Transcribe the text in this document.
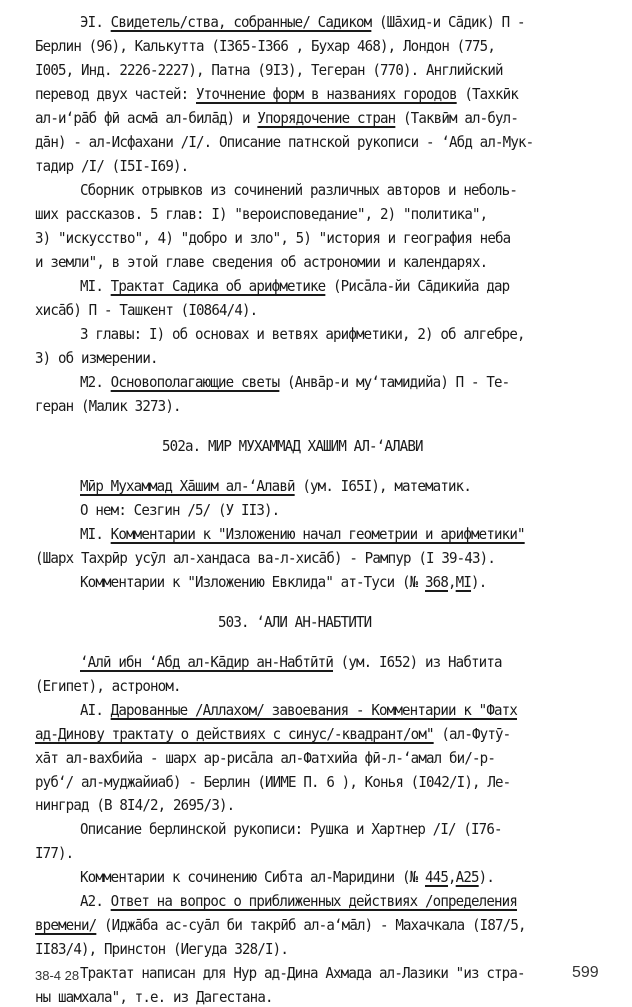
ЭI. Свидетель/ства, собранные/ Садиком (Ша̄хид-и Са̄дик) П -
Берлин (96), Калькутта (I365-I366 , Бухар 468), Лондон (775,
I005, Инд. 2226-2227), Патна (9I3), Тегеран (770). Английский
перевод двух частей: Уточнение форм в названиях городов (Тахкӣк
ал-и‘ра̄б фӣ асма̄ ал-била̄д) и Упорядочение стран (Таквӣм ал-бул-
да̄н) - ал-Исфахани /I/. Описание патнской рукописи - ‘Абд ал-Мук-
тадир /I/ (I5I-I69).
Сборник отрывков из сочинений различных авторов и неболь-
ших рассказов. 5 глав: I) "вероисповедание", 2) "политика",
3) "искусство", 4) "добро и зло", 5) "история и география неба
и земли", в этой главе сведения об астрономии и календарях.
МI. Трактат Садика об арифметике (Рисāла-йи Са̄дикийа дар
хиса̄б) П - Ташкент (I0864/4).
3 главы: I) об основах и ветвях арифметики, 2) об алгебре,
3) об измерении.
М2. Основополагающие светы (Анва̄р-и му‘тамидийа) П - Те-
геран (Малик 3273).
502а. МИР МУХАММАД ХАШИМ АЛ-‘АЛАВИ
Мӣр Мухаммад Ха̄шим ал-‘Алавӣ (ум. I65I), математик.
О нем: Сезгин /5/ (У II3).
МI. Комментарии к "Изложению начал геометрии и арифметики"
(Шарх Тахрӣр усӯл ал-хандаса ва-л-хиса̄б) - Рампур (I 39-43).
Комментарии к "Изложению Евклида" ат-Туси (№ 368,МI).
503. ‘АЛИ АН-НАБТИТИ
‘Алӣ ибн ‘Абд ал-Ка̄дир ан-Набтӣтӣ (ум. I652) из Набтита
(Египет), астроном.
АI. Дарованные /Аллахом/ завоевания - Комментарии к "Фатх
ад-Динову трактату о действиях с синус/-квадрант/ом" (ал-Футӯ-
ха̄т ал-вахбийа - шарх ар-рисāла ал-Фатхийа фӣ-л-‘амал би/-р-
руб‘/ ал-муджайиаб) - Берлин (ИИМЕ П. 6 ), Конья (I042/I), Ле-
нинград (В 8I4/2, 2695/3).
Описание берлинской рукописи: Рушка и Хартнер /I/ (I76-
I77).
Комментарии к сочинению Сибта ал-Маридини (№ 445,А25).
А2. Ответ на вопрос о приближенных действиях /определения
времени/ (Иджа̄ба ас-суа̄л би такрӣб ал-а‘ма̄л) - Махачкала (I87/5,
II83/4), Принстон (Иегуда 328/I).
Трактат написан для Нур ад-Дина Ахмада ал-Лазики "из стра-
ны шамхала", т.е. из Дагестана.
38-4 28	599
